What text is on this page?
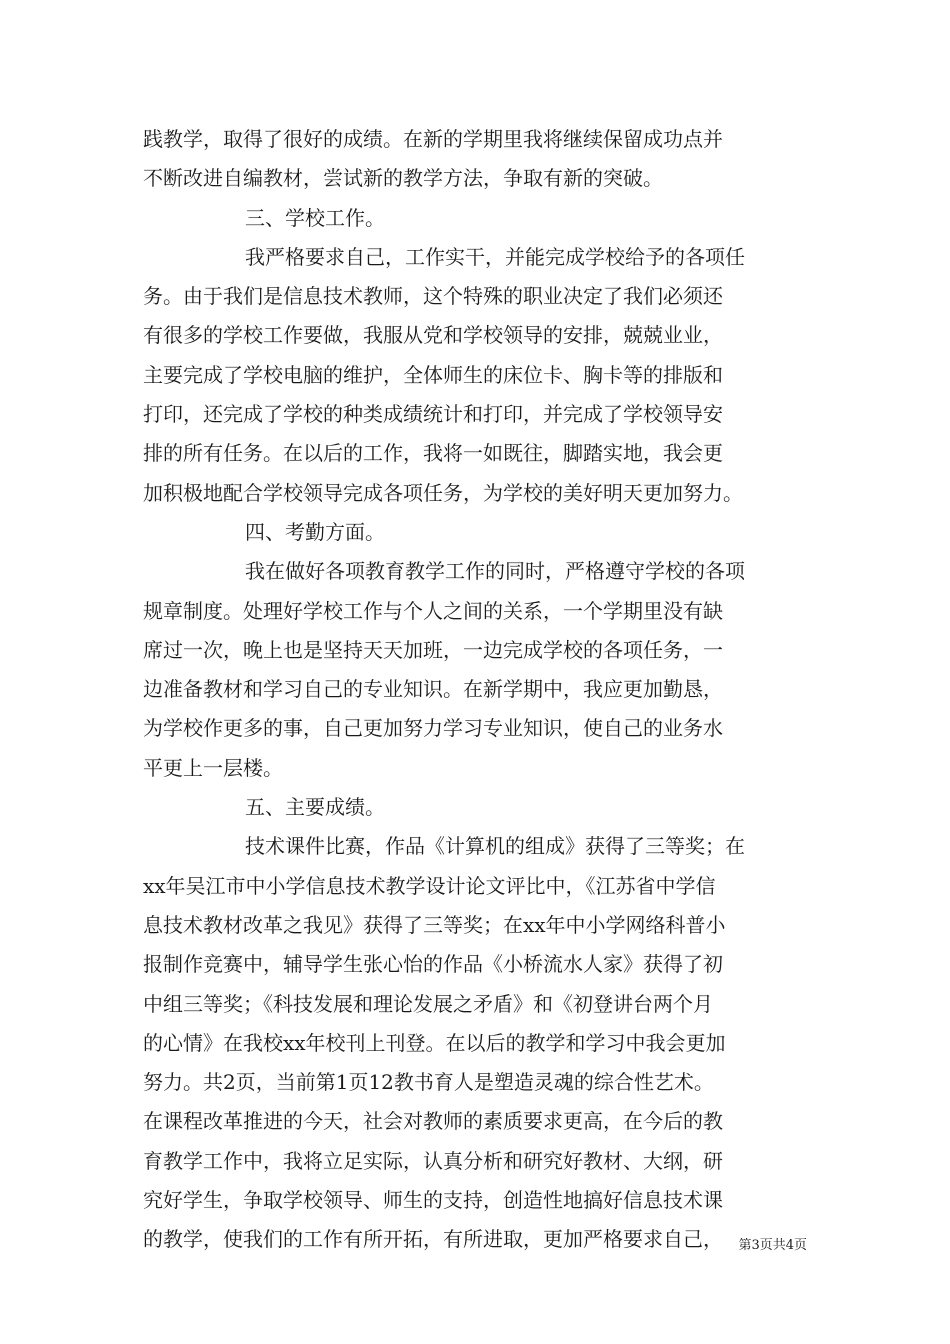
践教学，取得了很好的成绩。在新的学期里我将继续保留成功点并
不断改进自编教材，尝试新的教学方法，争取有新的突破。
三、学校工作。
我严格要求自己，工作实干，并能完成学校给予的各项任
务。由于我们是信息技术教师，这个特殊的职业决定了我们必须还
有很多的学校工作要做，我服从党和学校领导的安排，兢兢业业，
主要完成了学校电脑的维护，全体师生的床位卡、胸卡等的排版和
打印，还完成了学校的种类成绩统计和打印，并完成了学校领导安
排的所有任务。在以后的工作，我将一如既往，脚踏实地，我会更
加积极地配合学校领导完成各项任务，为学校的美好明天更加努力。
四、考勤方面。
我在做好各项教育教学工作的同时，严格遵守学校的各项
规章制度。处理好学校工作与个人之间的关系，一个学期里没有缺
席过一次，晚上也是坚持天天加班，一边完成学校的各项任务，一
边准备教材和学习自己的专业知识。在新学期中，我应更加勤恳，
为学校作更多的事，自己更加努力学习专业知识，使自己的业务水
平更上一层楼。
五、主要成绩。
技术课件比赛，作品《计算机的组成》获得了三等奖；在
xx年吴江市中小学信息技术教学设计论文评比中，《江苏省中学信
息技术教材改革之我见》获得了三等奖；在xx年中小学网络科普小
报制作竞赛中，辅导学生张心怡的作品《小桥流水人家》获得了初
中组三等奖；《科技发展和理论发展之矛盾》和《初登讲台两个月
的心情》在我校xx年校刊上刊登。在以后的教学和学习中我会更加
努力。共2页，当前第1页12教书育人是塑造灵魂的综合性艺术。
在课程改革推进的今天，社会对教师的素质要求更高，在今后的教
育教学工作中，我将立足实际，认真分析和研究好教材、大纲，研
究好学生，争取学校领导、师生的支持，创造性地搞好信息技术课
的教学，使我们的工作有所开拓，有所进取，更加严格要求自己，	第3页共4页
